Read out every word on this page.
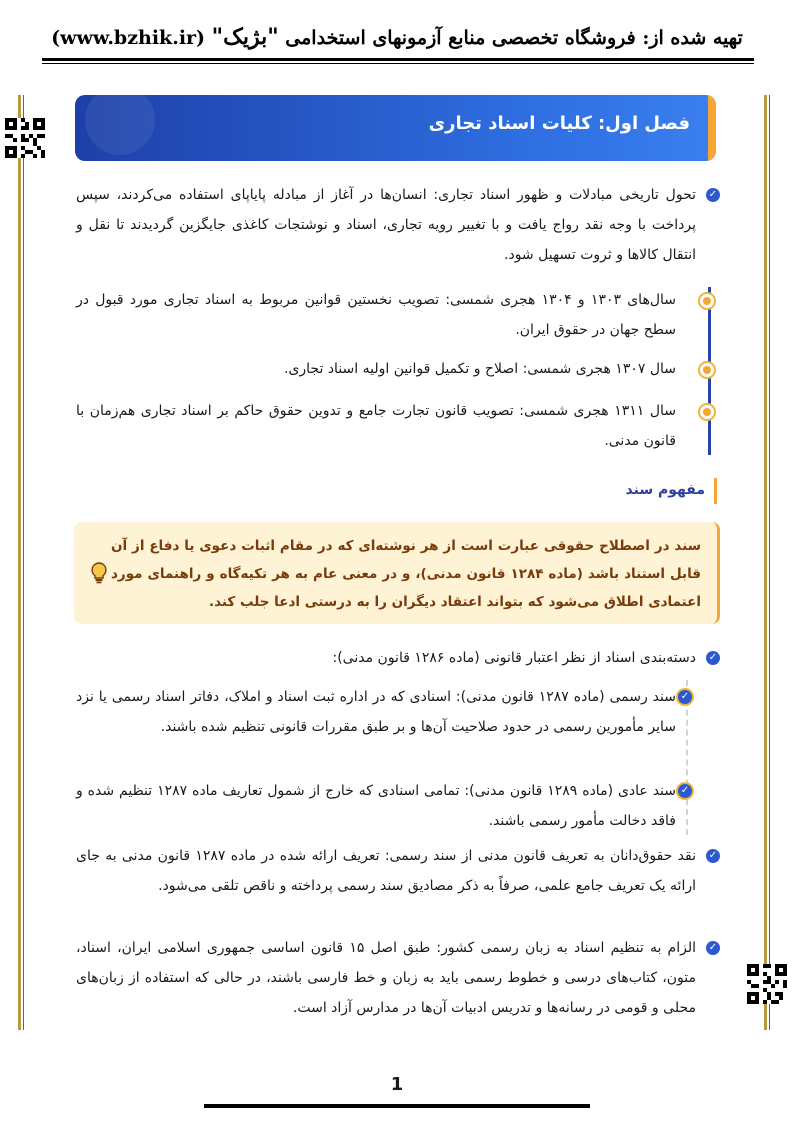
تهیه شده از: فروشگاه تخصصی منابع آزمونهای استخدامی "بژیک" (www.bzhik.ir)
فصل اول: کلیات اسناد تجاری
✓
تحول تاریخی مبادلات و ظهور اسناد تجاری: انسان‌ها در آغاز از مبادله پایاپای استفاده می‌کردند، سپس پرداخت با وجه نقد رواج یافت و با تغییر رویه تجاری، اسناد و نوشتجات کاغذی جایگزین گردیدند تا نقل و انتقال کالاها و ثروت تسهیل شود.
سال‌های ۱۳۰۳ و ۱۳۰۴ هجری شمسی: تصویب نخستین قوانین مربوط به اسناد تجاری مورد قبول در سطح جهان در حقوق ایران.
سال ۱۳۰۷ هجری شمسی: اصلاح و تکمیل قوانین اولیه اسناد تجاری.
سال ۱۳۱۱ هجری شمسی: تصویب قانون تجارت جامع و تدوین حقوق حاکم بر اسناد تجاری هم‌زمان با قانون مدنی.
مفهوم سند
سند در اصطلاح حقوقی عبارت است از هر نوشته‌ای که در مقام اثبات دعوی یا دفاع از آن قابل استناد باشد (ماده ۱۲۸۴ قانون مدنی)، و در معنی عام به هر تکیه‌گاه و راهنمای مورد اعتمادی اطلاق می‌شود که بتواند اعتقاد دیگران را به درستی ادعا جلب کند.
✓
دسته‌بندی اسناد از نظر اعتبار قانونی (ماده ۱۲۸۶ قانون مدنی):
✓
سند رسمی (ماده ۱۲۸۷ قانون مدنی): اسنادی که در اداره ثبت اسناد و املاک، دفاتر اسناد رسمی یا نزد سایر مأمورین رسمی در حدود صلاحیت آن‌ها و بر طبق مقررات قانونی تنظیم شده باشند.
✓
سند عادی (ماده ۱۲۸۹ قانون مدنی): تمامی اسنادی که خارج از شمول تعاریف ماده ۱۲۸۷ تنظیم شده و فاقد دخالت مأمور رسمی باشند.
✓
نقد حقوق‌دانان به تعریف قانون مدنی از سند رسمی: تعریف ارائه شده در ماده ۱۲۸۷ قانون مدنی به جای ارائه یک تعریف جامع علمی، صرفاً به ذکر مصادیق سند رسمی پرداخته و ناقص تلقی می‌شود.
✓
الزام به تنظیم اسناد به زبان رسمی کشور: طبق اصل ۱۵ قانون اساسی جمهوری اسلامی ایران، اسناد، متون، کتاب‌های درسی و خطوط رسمی باید به زبان و خط فارسی باشند، در حالی که استفاده از زبان‌های محلی و قومی در رسانه‌ها و تدریس ادبیات آن‌ها در مدارس آزاد است.
1
